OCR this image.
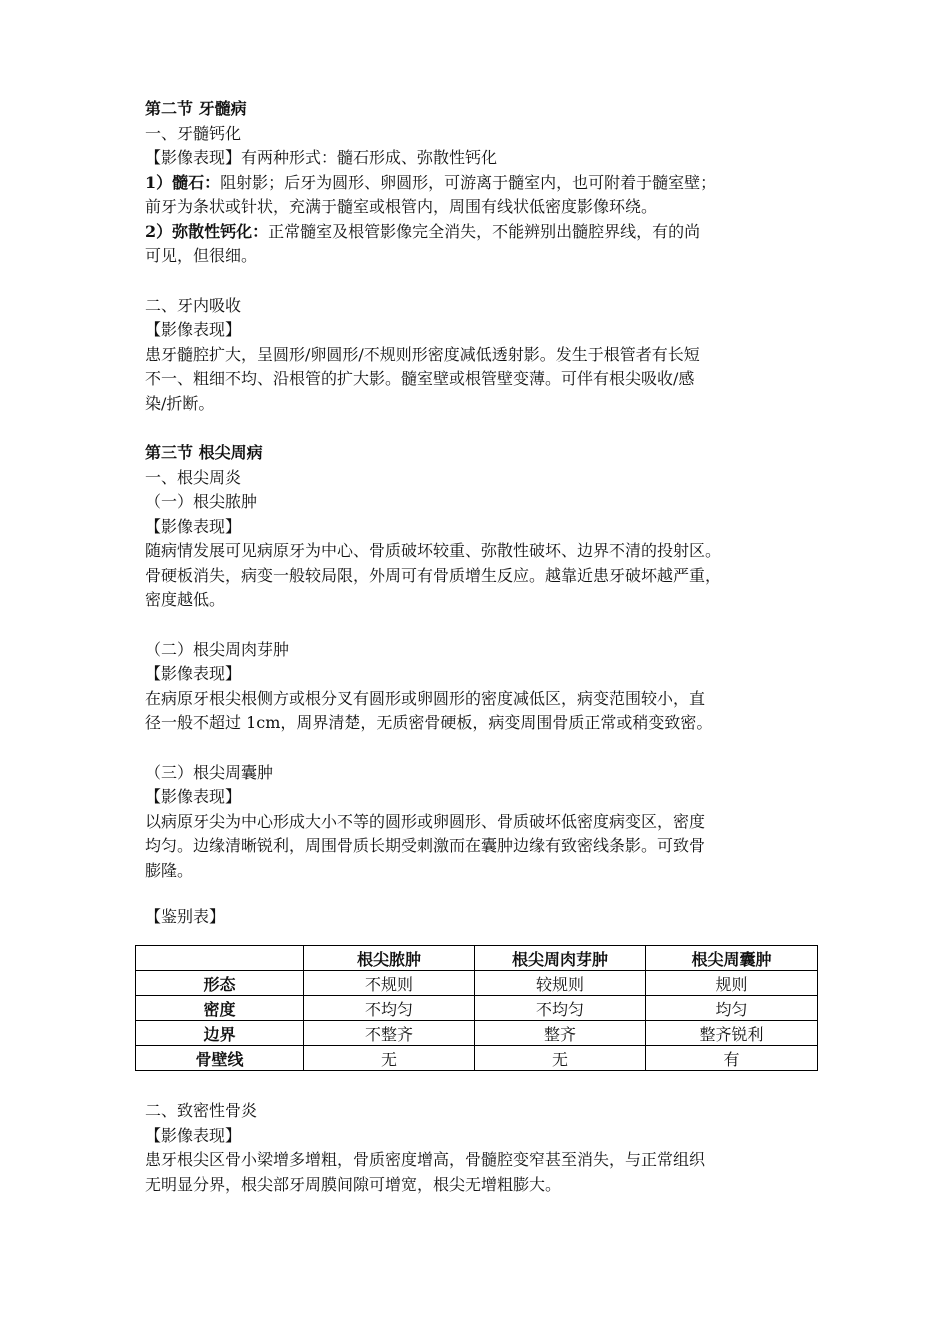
第二节 牙髓病

一、牙髓钙化

【影像表现】有两种形式：髓石形成、弥散性钙化

1）髓石：阻射影；后牙为圆形、卵圆形，可游离于髓室内，也可附着于髓室壁；

前牙为条状或针状，充满于髓室或根管内，周围有线状低密度影像环绕。

2）弥散性钙化：正常髓室及根管影像完全消失，不能辨别出髓腔界线，有的尚

可见，但很细。

二、牙内吸收

【影像表现】

患牙髓腔扩大，呈圆形/卵圆形/不规则形密度减低透射影。发生于根管者有长短

不一、粗细不均、沿根管的扩大影。髓室壁或根管壁变薄。可伴有根尖吸收/感

染/折断。

第三节 根尖周病

一、根尖周炎

（一）根尖脓肿

【影像表现】

随病情发展可见病原牙为中心、骨质破坏较重、弥散性破坏、边界不清的投射区。

骨硬板消失，病变一般较局限，外周可有骨质增生反应。越靠近患牙破坏越严重，

密度越低。

（二）根尖周肉芽肿

【影像表现】

在病原牙根尖根侧方或根分叉有圆形或卵圆形的密度减低区，病变范围较小，直

径一般不超过 1cm，周界清楚，无质密骨硬板，病变周围骨质正常或稍变致密。

（三）根尖周囊肿

【影像表现】

以病原牙尖为中心形成大小不等的圆形或卵圆形、骨质破坏低密度病变区，密度

均匀。边缘清晰锐利，周围骨质长期受刺激而在囊肿边缘有致密线条影。可致骨

膨隆。

【鉴别表】

	根尖脓肿	根尖周肉芽肿	根尖周囊肿
形态	不规则	较规则	规则
密度	不均匀	不均匀	均匀
边界	不整齐	整齐	整齐锐利
骨壁线	无	无	有

二、致密性骨炎

【影像表现】

患牙根尖区骨小梁增多增粗，骨质密度增高，骨髓腔变窄甚至消失，与正常组织

无明显分界，根尖部牙周膜间隙可增宽，根尖无增粗膨大。
